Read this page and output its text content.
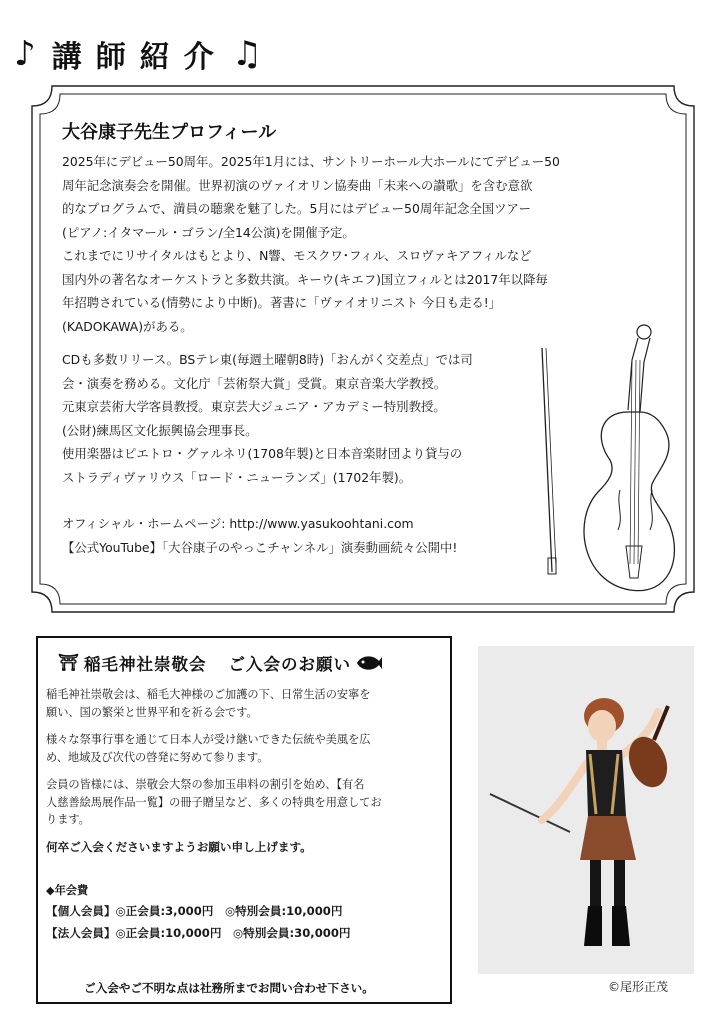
♪ 講師紹介 ♫
大谷康子先生プロフィール

2025年にデビュー50周年。2025年1月には、サントリーホール大ホールにてデビュー50

周年記念演奏会を開催。世界初演のヴァイオリン協奏曲「未来への讃歌」を含む意欲

的なプログラムで、満員の聴衆を魅了した。5月にはデビュー50周年記念全国ツアー

(ピアノ:イタマール・ゴラン/全14公演)を開催予定。

これまでにリサイタルはもとより、N響、モスクワ･フィル、スロヴァキアフィルなど

国内外の著名なオーケストラと多数共演。キーウ(キエフ)国立フィルとは2017年以降毎

年招聘されている(情勢により中断)。著書に「ヴァイオリニスト 今日も走る!」

(KADOKAWA)がある。

CDも多数リリース。BSテレ東(毎週土曜朝8時)「おんがく交差点」では司

会・演奏を務める。文化庁「芸術祭大賞」受賞。東京音楽大学教授。

元東京芸術大学客員教授。東京芸大ジュニア・アカデミー特別教授。

(公財)練馬区文化振興協会理事長。

使用楽器はピエトロ・グァルネリ(1708年製)と日本音楽財団より貸与の

ストラディヴァリウス「ロード・ニューランズ」(1702年製)。

オフィシャル・ホームページ: http://www.yasukoohtani.com

【公式YouTube】「大谷康子のやっこチャンネル」演奏動画続々公開中!

⛩ 稲毛神社崇敬会 ご入会のお願い

稲毛神社崇敬会は、稲毛大神様のご加護の下、日常生活の安寧を

願い、国の繁栄と世界平和を祈る会です。

様々な祭事行事を通じて日本人が受け継いできた伝統や美風を広

め、地域及び次代の啓発に努めて参ります。

会員の皆様には、崇敬会大祭の参加玉串料の割引を始め、【有名

人慈善絵馬展作品一覧】の冊子贈呈など、多くの特典を用意してお

ります。

何卒ご入会くださいますようお願い申し上げます。

◆年会費

【個人会員】◎正会員:3,000円　◎特別会員:10,000円

【法人会員】◎正会員:10,000円　◎特別会員:30,000円

ご入会やご不明な点は社務所までお問い合わせ下さい。	©尾形正茂
